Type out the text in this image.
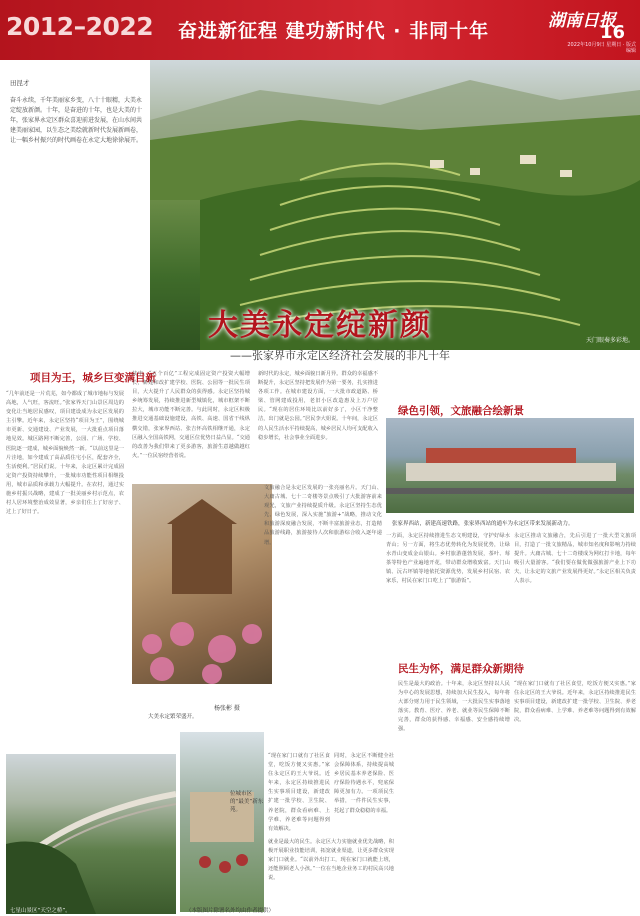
2012–2022 奋进新征程 建功新时代 · 非同十年	湖南日报
16
2022年10月9日 星期日 · 版式编辑
天门眼奏多彩地。
田昆才
奋斗永续，千年美丽家乡变，八十十眼精，大美永定绽放新颜。十年，是奋进的十年，也是大美的十年，张家界永定区群众喜迎前进发展，在山水间共建美丽家园，以生态之美绘就新时代发展新画卷，让一幅乡村振兴的时代画卷在永定大地徐徐展开。
大美永定绽新颜
——张家界市永定区经济社会发展的非凡十年
项目为王，城乡巨变满目新
绿色引领，文旅融合绘新景
民生为怀，满足群众新期待
“几年前还是一片荒芜，如今都成了城市地标与发展高地，人气旺，客流旺。”张家界天门山景区周边的变化让当地居民感叹，项目建设成为永定区发展的主引擎。近年来，永定区坚持“项目为王”，围绕城市更新、交通建设、产业发展，一大批重点项目落地见效。城区路网不断完善，公园、广场、学校、医院逐一建成，城乡面貌焕然一新。“以前这里是一片洼地，如今建成了高品质住宅小区，配套齐全，生活便利。”居民们说。十年来，永定区累计完成固定资产投资持续攀升，一批城市功能性项目相继投用，城市品质和承载力大幅提升。在农村，通过实施乡村振兴战略，建成了一批美丽乡村示范点，农村人居环境整治成效显著，乡亲们住上了好房子、过上了好日子。
其中，“五个百亿”工程完成固定资产投资大幅增长，新建和改扩建学校、医院、公园等一批民生项目，大大提升了人民群众的获得感。永定区坚持城乡统筹发展，持续推进新型城镇化，城市框架不断拉大，城市功能不断完善。与此同时，永定区积极推进交通基础设施建设，高铁、高速、国省干线纵横交错，张家界西站、张吉怀高铁相继开通，永定区融入全国高铁网，交通区位优势日益凸显。“交通的改善为我们带来了更多游客，旅游生意越做越红火。”一位民宿经营者说。
新时代的永定，城乡面貌日新月异。群众的幸福感不断提升，永定区坚持把发展作为第一要务，扎实推进各项工作。在城市建设方面，一大批市政道路、桥梁、管网建成投用，老旧小区改造惠及上万户居民。“现在的居住环境比以前好多了，小区干净整洁，出门就是公园。”居民李大姐说。十年间，永定区的人民生活水平持续提高，城乡居民人均可支配收入稳步增长，社会事业全面进步。
大美永定繁荣盛开。
杨张彬 摄
文旅融合是永定区发展的一张亮丽名片。天门山、大庸古城、七十二奇楼等景点吸引了大批游客前来观光，文旅产业持续提质升级。永定区坚持生态优先、绿色发展，深入实施“旅游+”战略，推动文化和旅游深度融合发展，不断丰富旅游业态，打造精品旅游线路，旅游接待人次和旅游综合收入逐年递增。
张家界西站，新建高速铁路，张家界西站的通车为永定区带来发展新动力。
一方面，永定区持续推进生态文明建设，守护好绿水青山；另一方面，将生态优势转化为发展优势，让绿水青山变成金山银山。乡村旅游蓬勃发展，茶叶、莓茶等特色产业遍地开花，带动群众增收致富。天门山镇、沅古坪镇等地依托资源优势，发展乡村民宿、农家乐，村民在家门口吃上了“旅游饭”。
永定区推动文旅融合，先后引进了一批大型文旅项目，打造了一批文旅精品，城市知名度和影响力持续提升。大庸古城、七十二奇楼成为网红打卡地，每年吸引大量游客。“我们要在做优做强旅游产业上下功夫，让永定的文旅产业发展得更好。”永定区相关负责人表示。
民生是最大的政治。十年来，永定区坚持以人民为中心的发展思想，持续加大民生投入，每年将大部分财力用于民生领域，一大批民生实事落地落实。教育、医疗、养老、就业等民生保障不断完善，群众的获得感、幸福感、安全感持续增强。
“现在家门口就有了社区食堂，吃饭方便又实惠。”家住永定区的王大爷说。近年来，永定区持续推进民生实事项目建设，新建改扩建一批学校、卫生院、养老院，群众看病难、上学难、养老难等问题得到有效解决。
七星山景区“天空之桥”。	（本版图片除署名外均由作者提供）
“现在家门口就有了社区食堂，吃饭方便又实惠。”家住永定区的王大爷说。近年来，永定区持续推进民生实事项目建设，新建改扩建一批学校、卫生院、养老院，群众看病难、上学难、养老难等问题得到有效解决。
位城市区的“最美”新东苑。
就业是最大的民生。永定区大力实施就业优先战略，积极开展职业技能培训，拓宽就业渠道，让更多群众实现家门口就业。“以前外出打工，现在家门口就能上班，还能照顾老人小孩。”一位在当地企业务工的村民高兴地说。
同时，永定区不断健全社会保障体系，持续提高城乡居民基本养老保险、医疗保险待遇水平，兜底保障更加有力。一项项民生举措，一件件民生实事，托起了群众稳稳的幸福。
